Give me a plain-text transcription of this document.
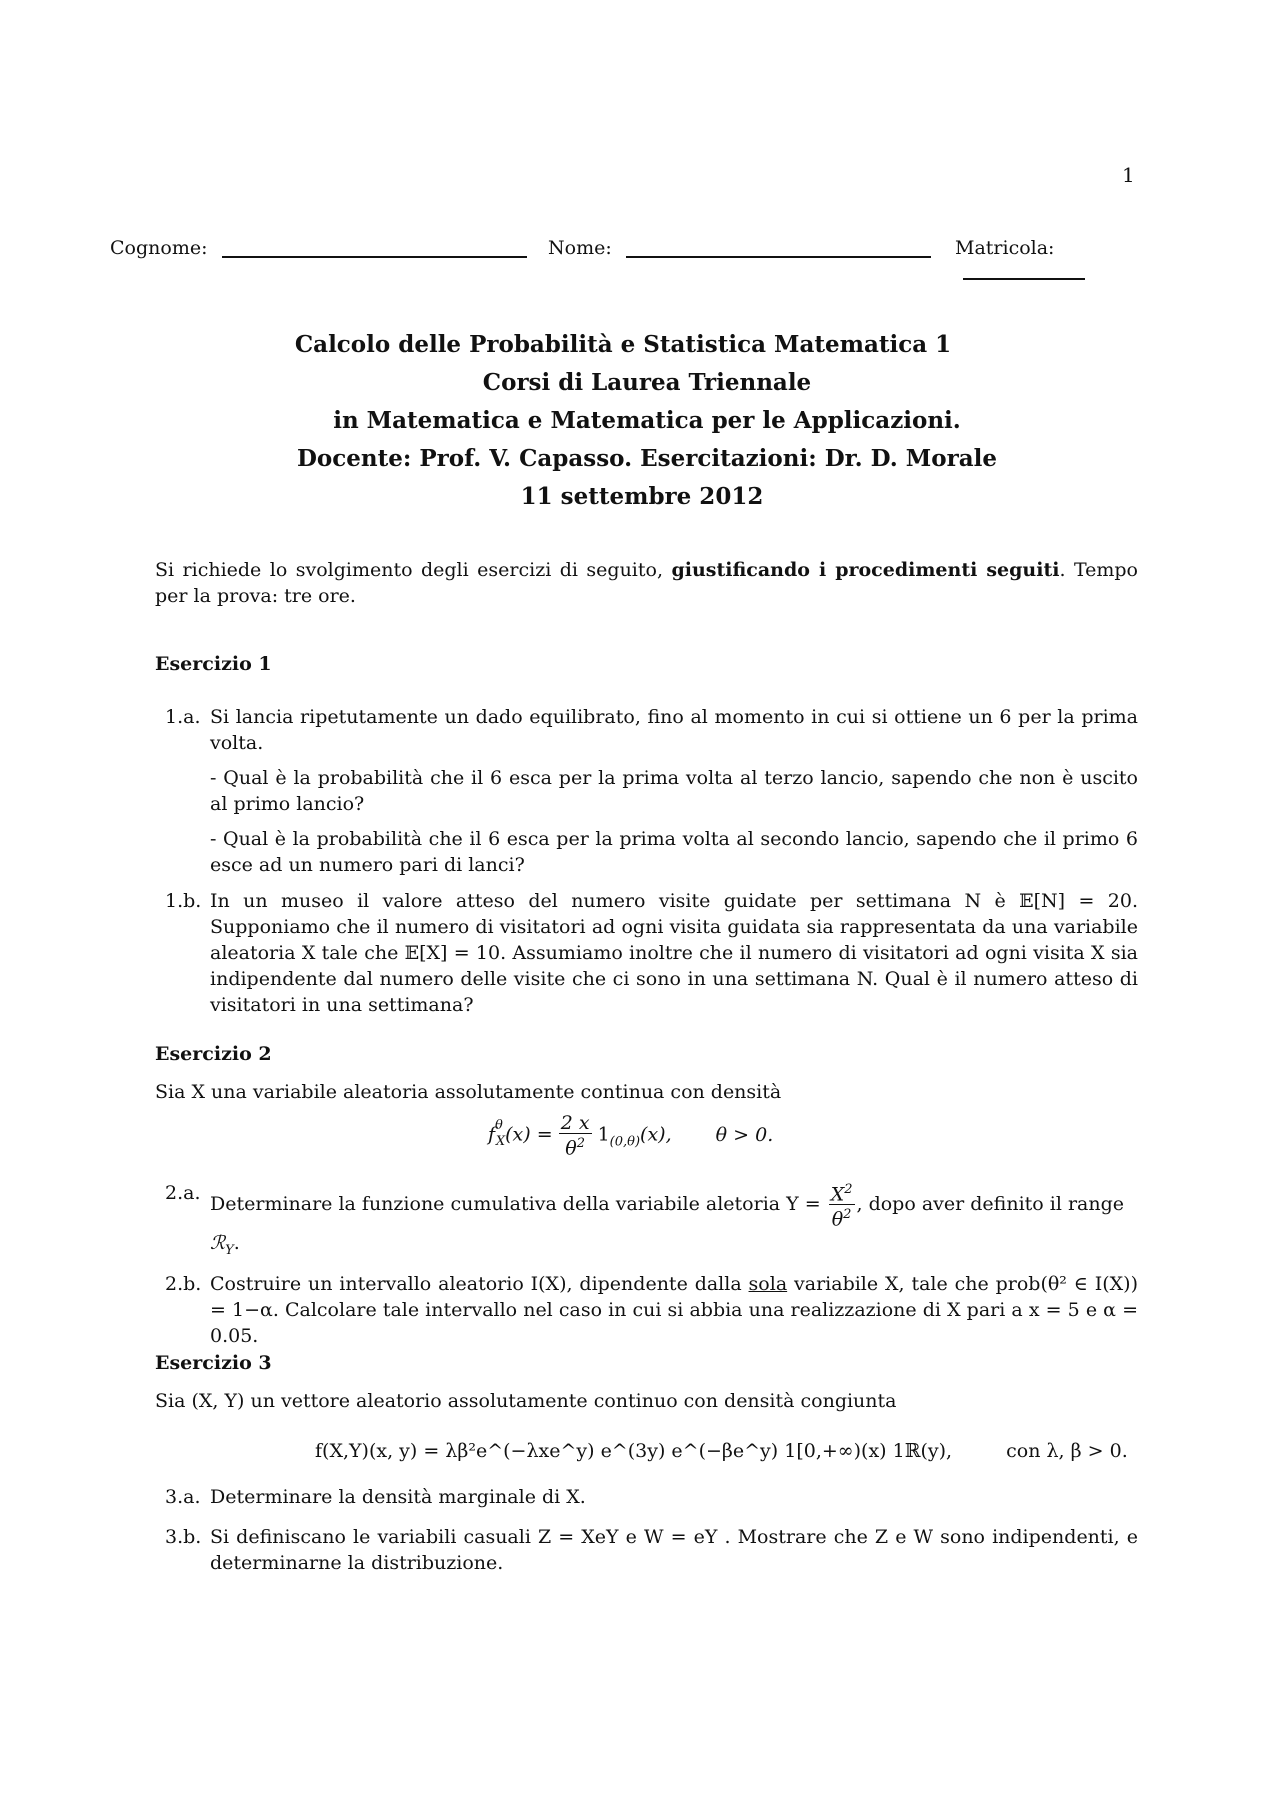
1
Cognome:	Nome:	Matricola:
Calcolo delle Probabilità e Statistica Matematica 1
Corsi di Laurea Triennale
in Matematica e Matematica per le Applicazioni.
Docente: Prof. V. Capasso. Esercitazioni: Dr. D. Morale
11 settembre 2012
Si richiede lo svolgimento degli esercizi di seguito, giustificando i procedimenti seguiti. Tempo per la prova: tre ore.
Esercizio 1
1.a. Si lancia ripetutamente un dado equilibrato, fino al momento in cui si ottiene un 6 per la prima volta.
- Qual è la probabilità che il 6 esca per la prima volta al terzo lancio, sapendo che non è uscito al primo lancio?
- Qual è la probabilità che il 6 esca per la prima volta al secondo lancio, sapendo che il primo 6 esce ad un numero pari di lanci?
1.b. In un museo il valore atteso del numero visite guidate per settimana N è 𝔼[N] = 20. Supponiamo che il numero di visitatori ad ogni visita guidata sia rappresentata da una variabile aleatoria X tale che 𝔼[X] = 10. Assumiamo inoltre che il numero di visitatori ad ogni visita X sia indipendente dal numero delle visite che ci sono in una settimana N. Qual è il numero atteso di visitatori in una settimana?
Esercizio 2
Sia X una variabile aleatoria assolutamente continua con densità
$f_{\theta X}(x) = \frac{2 x}{\theta^2} 1_{(0,\theta)}(x)$, θ > 0.
2.a. Determinare la funzione cumulativa della variabile aletoria $Y = \frac{X^2}{\theta^2}$ , dopo aver definito il range
ℛ$_Y$.
2.b. Costruire un intervallo aleatorio I(X), dipendente dalla sola variabile X, tale che prob(θ² ∈ I(X)) = 1−α. Calcolare tale intervallo nel caso in cui si abbia una realizzazione di X pari a x = 5 e α = 0.05.
Esercizio 3
Sia (X, Y) un vettore aleatorio assolutamente continuo con densità congiunta
f(X,Y)(x, y) = λβ²e^(−λxe^y) e^(3y) e^(−βe^y) 1[0,+∞)(x) 1ℝ(y),	con λ, β > 0.
3.a. Determinare la densità marginale di X.
3.b. Si definiscano le variabili casuali Z = XeY e W = eY . Mostrare che Z e W sono indipendenti, e determinarne la distribuzione.
